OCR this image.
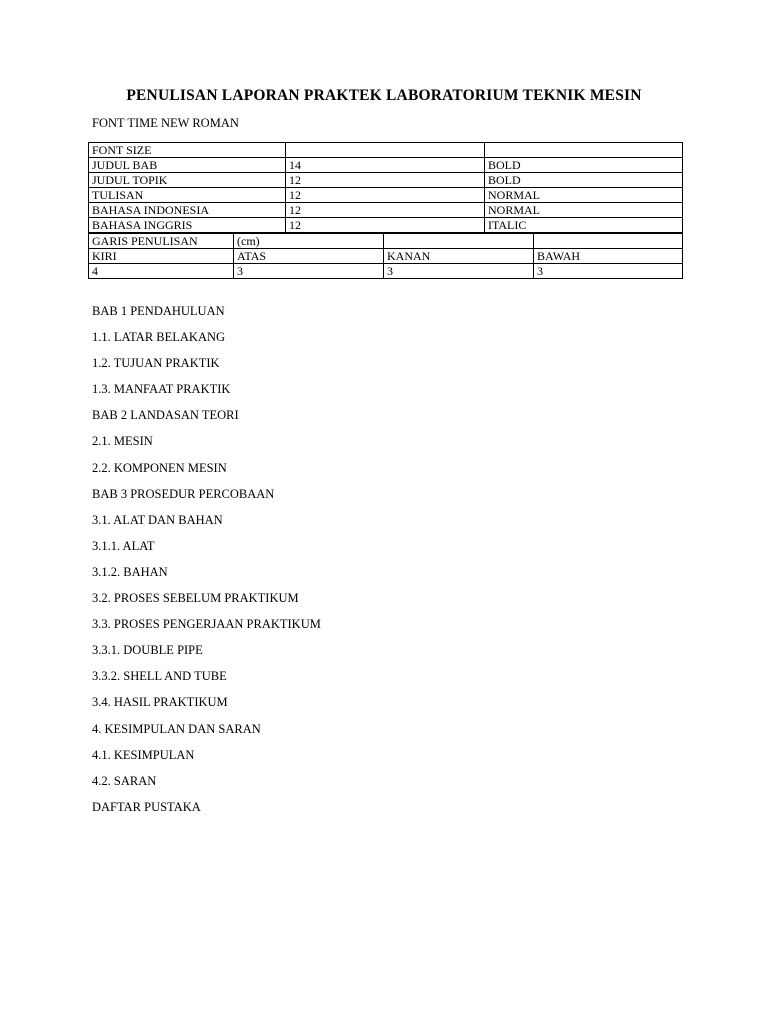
PENULISAN LAPORAN PRAKTEK LABORATORIUM TEKNIK MESIN
FONT TIME NEW ROMAN
FONT SIZE		
JUDUL BAB	14	BOLD
JUDUL TOPIK	12	BOLD
TULISAN	12	NORMAL
BAHASA INDONESIA	12	NORMAL
BAHASA INGGRIS	12	ITALIC
GARIS PENULISAN	(cm)		
KIRI	ATAS	KANAN	BAWAH
4	3	3	3
BAB 1 PENDAHULUAN
1.1. LATAR BELAKANG
1.2. TUJUAN PRAKTIK
1.3. MANFAAT PRAKTIK
BAB 2 LANDASAN TEORI
2.1. MESIN
2.2. KOMPONEN MESIN
BAB 3 PROSEDUR PERCOBAAN
3.1. ALAT DAN BAHAN
3.1.1. ALAT
3.1.2. BAHAN
3.2. PROSES SEBELUM PRAKTIKUM
3.3. PROSES PENGERJAAN PRAKTIKUM
3.3.1. DOUBLE PIPE
3.3.2. SHELL AND TUBE
3.4. HASIL PRAKTIKUM
4. KESIMPULAN DAN SARAN
4.1. KESIMPULAN
4.2. SARAN
DAFTAR PUSTAKA
